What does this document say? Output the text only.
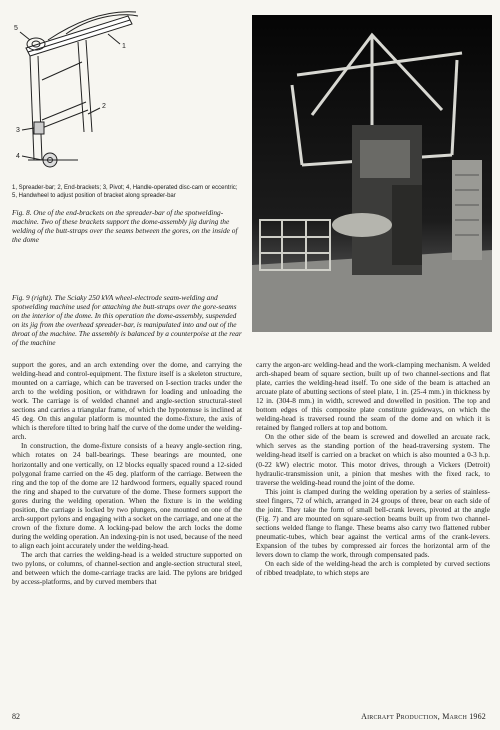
5
1
2
3
4
1, Spreader-bar; 2, End-brackets; 3, Pivot; 4, Handle-operated disc-cam or eccentric; 5, Handwheel to adjust position of bracket along spreader-bar
Fig. 8. One of the end-brackets on the spreader-bar of the spotwelding-machine. Two of these brackets support the dome-assembly jig during the welding of the butt-straps over the seams between the gores, on the inside of the dome
Fig. 9 (right). The Sciaky 250 kVA wheel-electrode seam-welding and spotwelding machine used for attaching the butt-straps over the gore-seams on the interior of the dome. In this operation the dome-assembly, suspended on its jig from the overhead spreader-bar, is manipulated into and out of the throat of the machine. The assembly is balanced by a counterpoise at the rear of the machine

support the gores, and an arch extending over the dome, and carrying the welding-head and control-equipment. The fixture itself is a skeleton structure, mounted on a carriage, which can be traversed on I-section tracks under the arch to the welding position, or withdrawn for loading and unloading the work. The carriage is of welded channel and angle-section structural-steel sections and carries a triangular frame, of which the hypotenuse is inclined at 45 deg. On this angular platform is mounted the dome-fixture, the axis of which is therefore tilted to bring half the curve of the dome under the welding-arch.

In construction, the dome-fixture consists of a heavy angle-section ring, which rotates on 24 ball-bearings. These bearings are mounted, one horizontally and one vertically, on 12 blocks equally spaced round a 12-sided polygonal frame carried on the 45 deg. platform of the carriage. Between the ring and the top of the dome are 12 hardwood formers, equally spaced round the ring and shaped to the curvature of the dome. These formers support the gores during the welding operation. When the fixture is in the welding position, the carriage is locked by two plungers, one mounted on one of the arch-support pylons and engaging with a socket on the carriage, and one at the crown of the fixture dome. A locking-pad below the arch locks the dome during the welding operation. An indexing-pin is not used, because of the need to align each joint accurately under the welding-head.

The arch that carries the welding-head is a welded structure supported on two pylons, or columns, of channel-section and angle-section structural steel, and between which the dome-carriage tracks are laid. The pylons are bridged by access-platforms, and by curved members that

carry the argon-arc welding-head and the work-clamping mechanism. A welded arch-shaped beam of square section, built up of two channel-sections and flat plate, carries the welding-head itself. To one side of the beam is attached an arcuate plate of abutting sections of steel plate, 1 in. (25-4 mm.) in thickness by 12 in. (304-8 mm.) in width, screwed and dowelled in position. The top and bottom edges of this composite plate constitute guideways, on which the welding-head is traversed round the seam of the dome and on which it is retained by flanged rollers at top and bottom.

On the other side of the beam is screwed and dowelled an arcuate rack, which serves as the standing portion of the head-traversing system. The welding-head itself is carried on a bracket on which is also mounted a 0-3 h.p. (0-22 kW) electric motor. This motor drives, through a Vickers (Detroit) hydraulic-transmission unit, a pinion that meshes with the fixed rack, to traverse the welding-head round the joint of the dome.

This joint is clamped during the welding operation by a series of stainless-steel fingers, 72 of which, arranged in 24 groups of three, bear on each side of the joint. They take the form of small bell-crank levers, pivoted at the angle (Fig. 7) and are mounted on square-section beams built up from two channel-sections welded flange to flange. These beams also carry two flattened rubber pneumatic-tubes, which bear against the vertical arms of the crank-levers. Expansion of the tubes by compressed air forces the horizontal arm of the levers down to clamp the work, through compensated pads.

On each side of the welding-head the arch is completed by curved sections of ribbed treadplate, to which steps are

82	Aircraft Production, March 1962
